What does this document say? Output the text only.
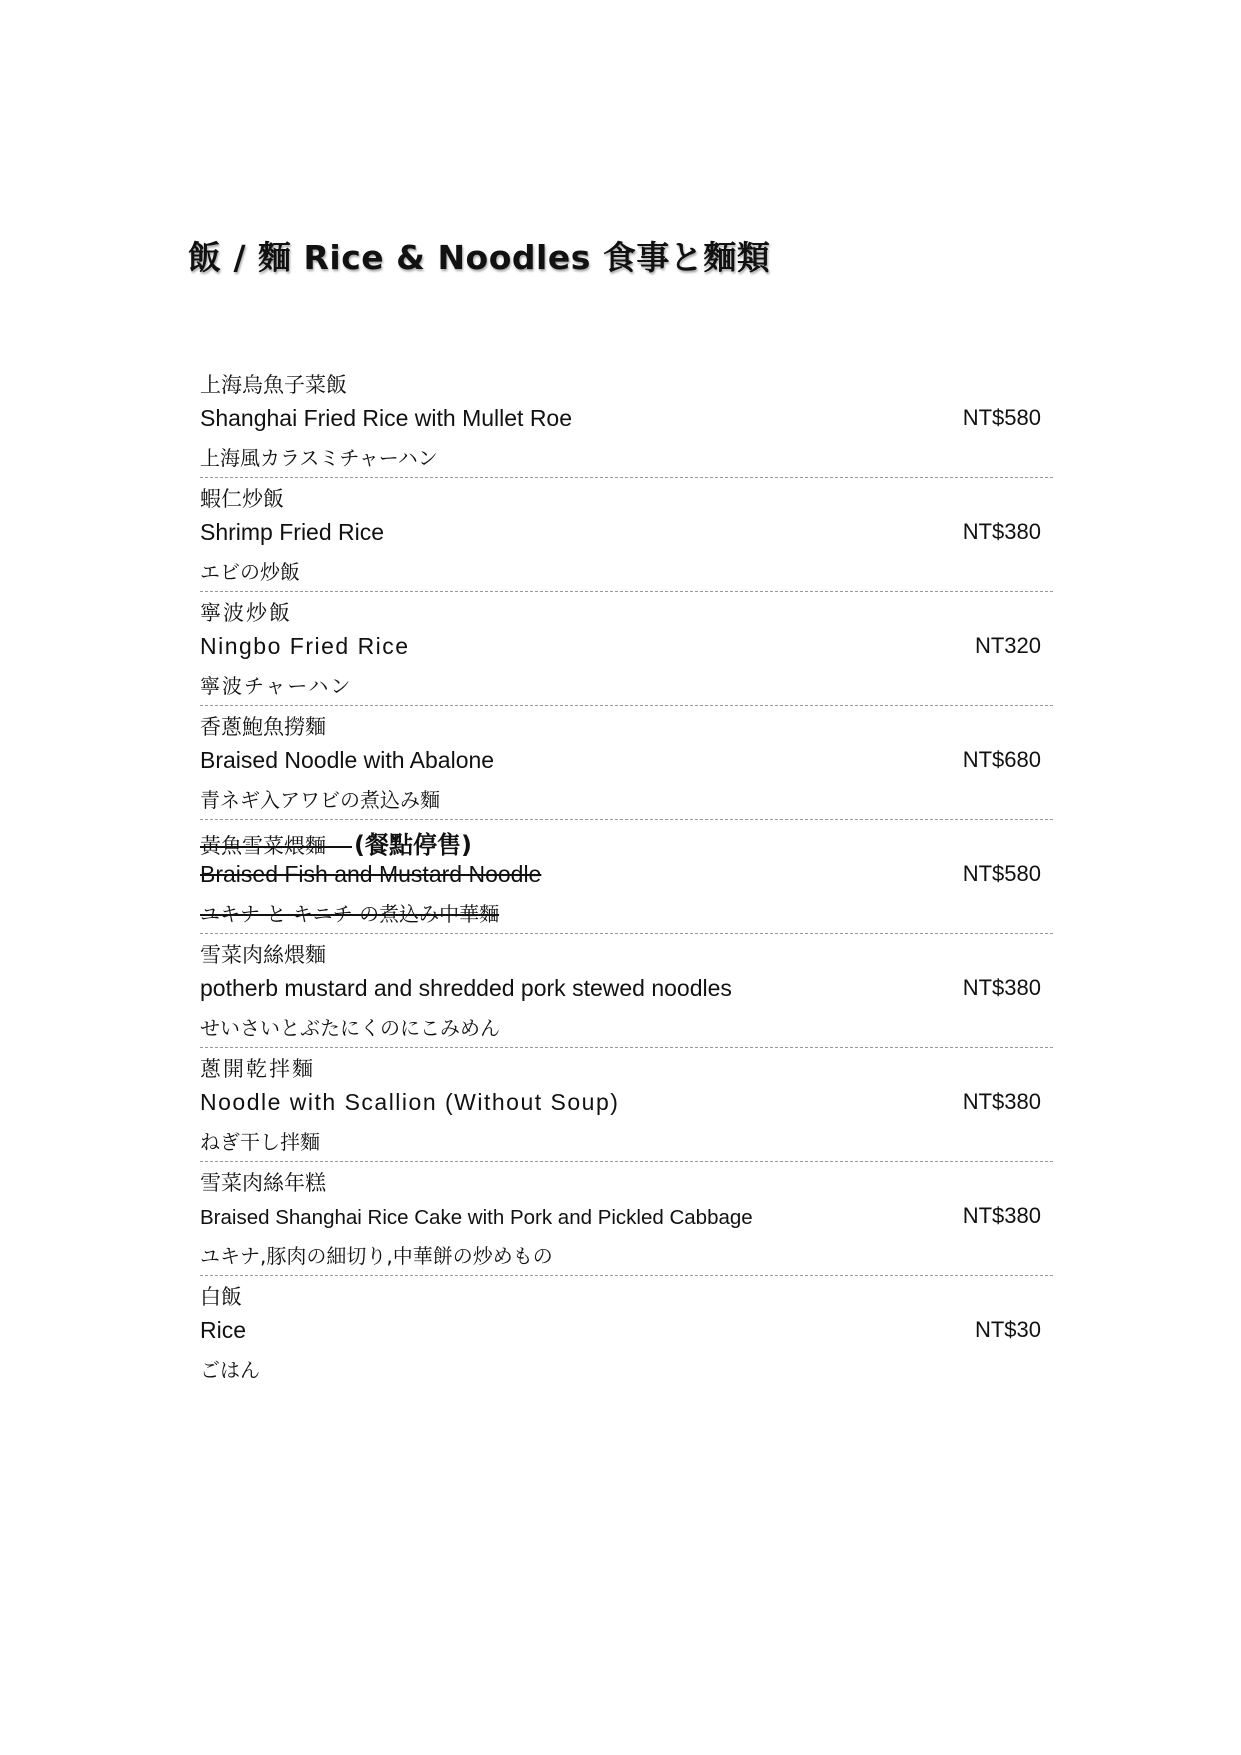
飯 / 麵 Rice & Noodles 食事と麵類
上海烏魚子菜飯
Shanghai Fried Rice with Mullet Roe
上海風カラスミチャーハン
NT$580
蝦仁炒飯
Shrimp Fried Rice
エビの炒飯
NT$380
寧波炒飯
Ningbo Fried Rice
寧波チャーハン
NT320
香蔥鮑魚撈麵
Braised Noodle with Abalone
青ネギ入アワビの煮込み麵
NT$680
黃魚雪菜煨麵 (餐點停售)
Braised Fish and Mustard Noodle
ユキナ と キニチ の煮込み中華麵
NT$580
雪菜肉絲煨麵
potherb mustard and shredded pork stewed noodles
せいさいとぶたにくのにこみめん
NT$380
蔥開乾拌麵
Noodle with Scallion (Without Soup)
ねぎ干し拌麵
NT$380
雪菜肉絲年糕
Braised Shanghai Rice Cake with Pork and Pickled Cabbage
ユキナ,豚肉の細切り,中華餅の炒めもの
NT$380
白飯
Rice
ごはん
NT$30
